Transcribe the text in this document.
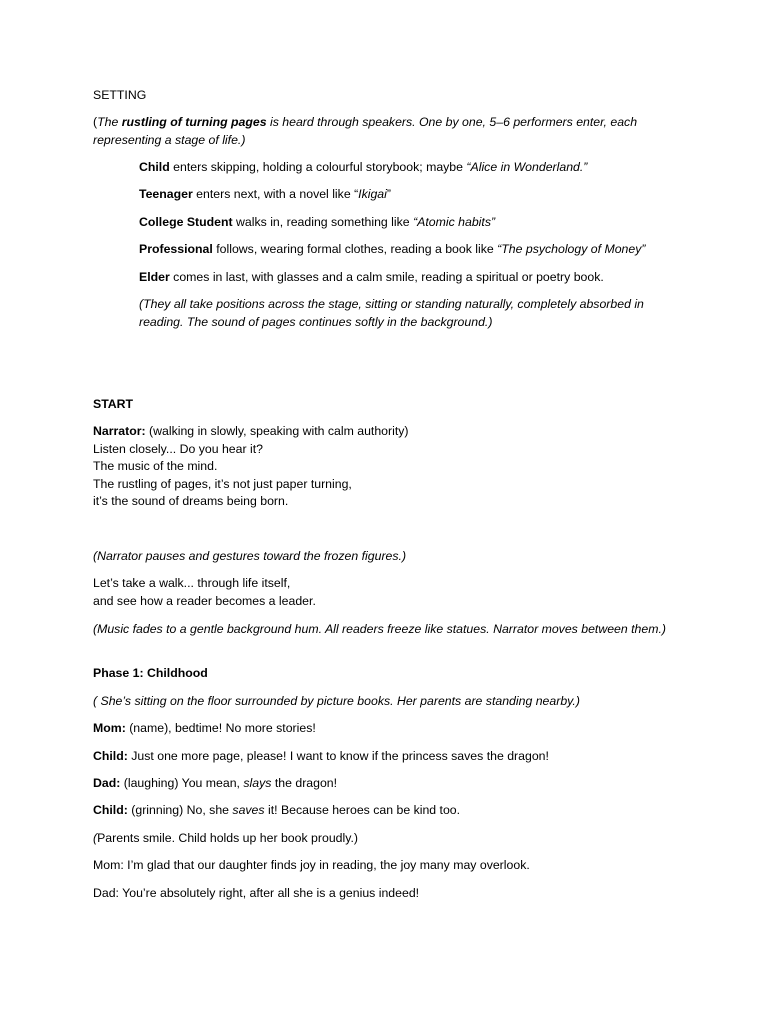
SETTING
(The rustling of turning pages is heard through speakers. One by one, 5–6 performers enter, each representing a stage of life.)
Child enters skipping, holding a colourful storybook; maybe “Alice in Wonderland.”
Teenager enters next, with a novel like “Ikigai”
College Student walks in, reading something like “Atomic habits”
Professional follows, wearing formal clothes, reading a book like “The psychology of Money”
Elder comes in last, with glasses and a calm smile, reading a spiritual or poetry book.
(They all take positions across the stage, sitting or standing naturally, completely absorbed in reading. The sound of pages continues softly in the background.)
START
Narrator: (walking in slowly, speaking with calm authority)
Listen closely... Do you hear it?
The music of the mind.
The rustling of pages, it’s not just paper turning,
it’s the sound of dreams being born.
(Narrator pauses and gestures toward the frozen figures.)
Let’s take a walk... through life itself,
and see how a reader becomes a leader.
(Music fades to a gentle background hum. All readers freeze like statues. Narrator moves between them.)
Phase 1: Childhood
( She’s sitting on the floor surrounded by picture books. Her parents are standing nearby.)
Mom: (name), bedtime! No more stories!
Child: Just one more page, please! I want to know if the princess saves the dragon!
Dad: (laughing) You mean, slays the dragon!
Child: (grinning) No, she saves it! Because heroes can be kind too.
(Parents smile. Child holds up her book proudly.)
Mom: I’m glad that our daughter finds joy in reading, the joy many may overlook.
Dad: You’re absolutely right, after all she is a genius indeed!
